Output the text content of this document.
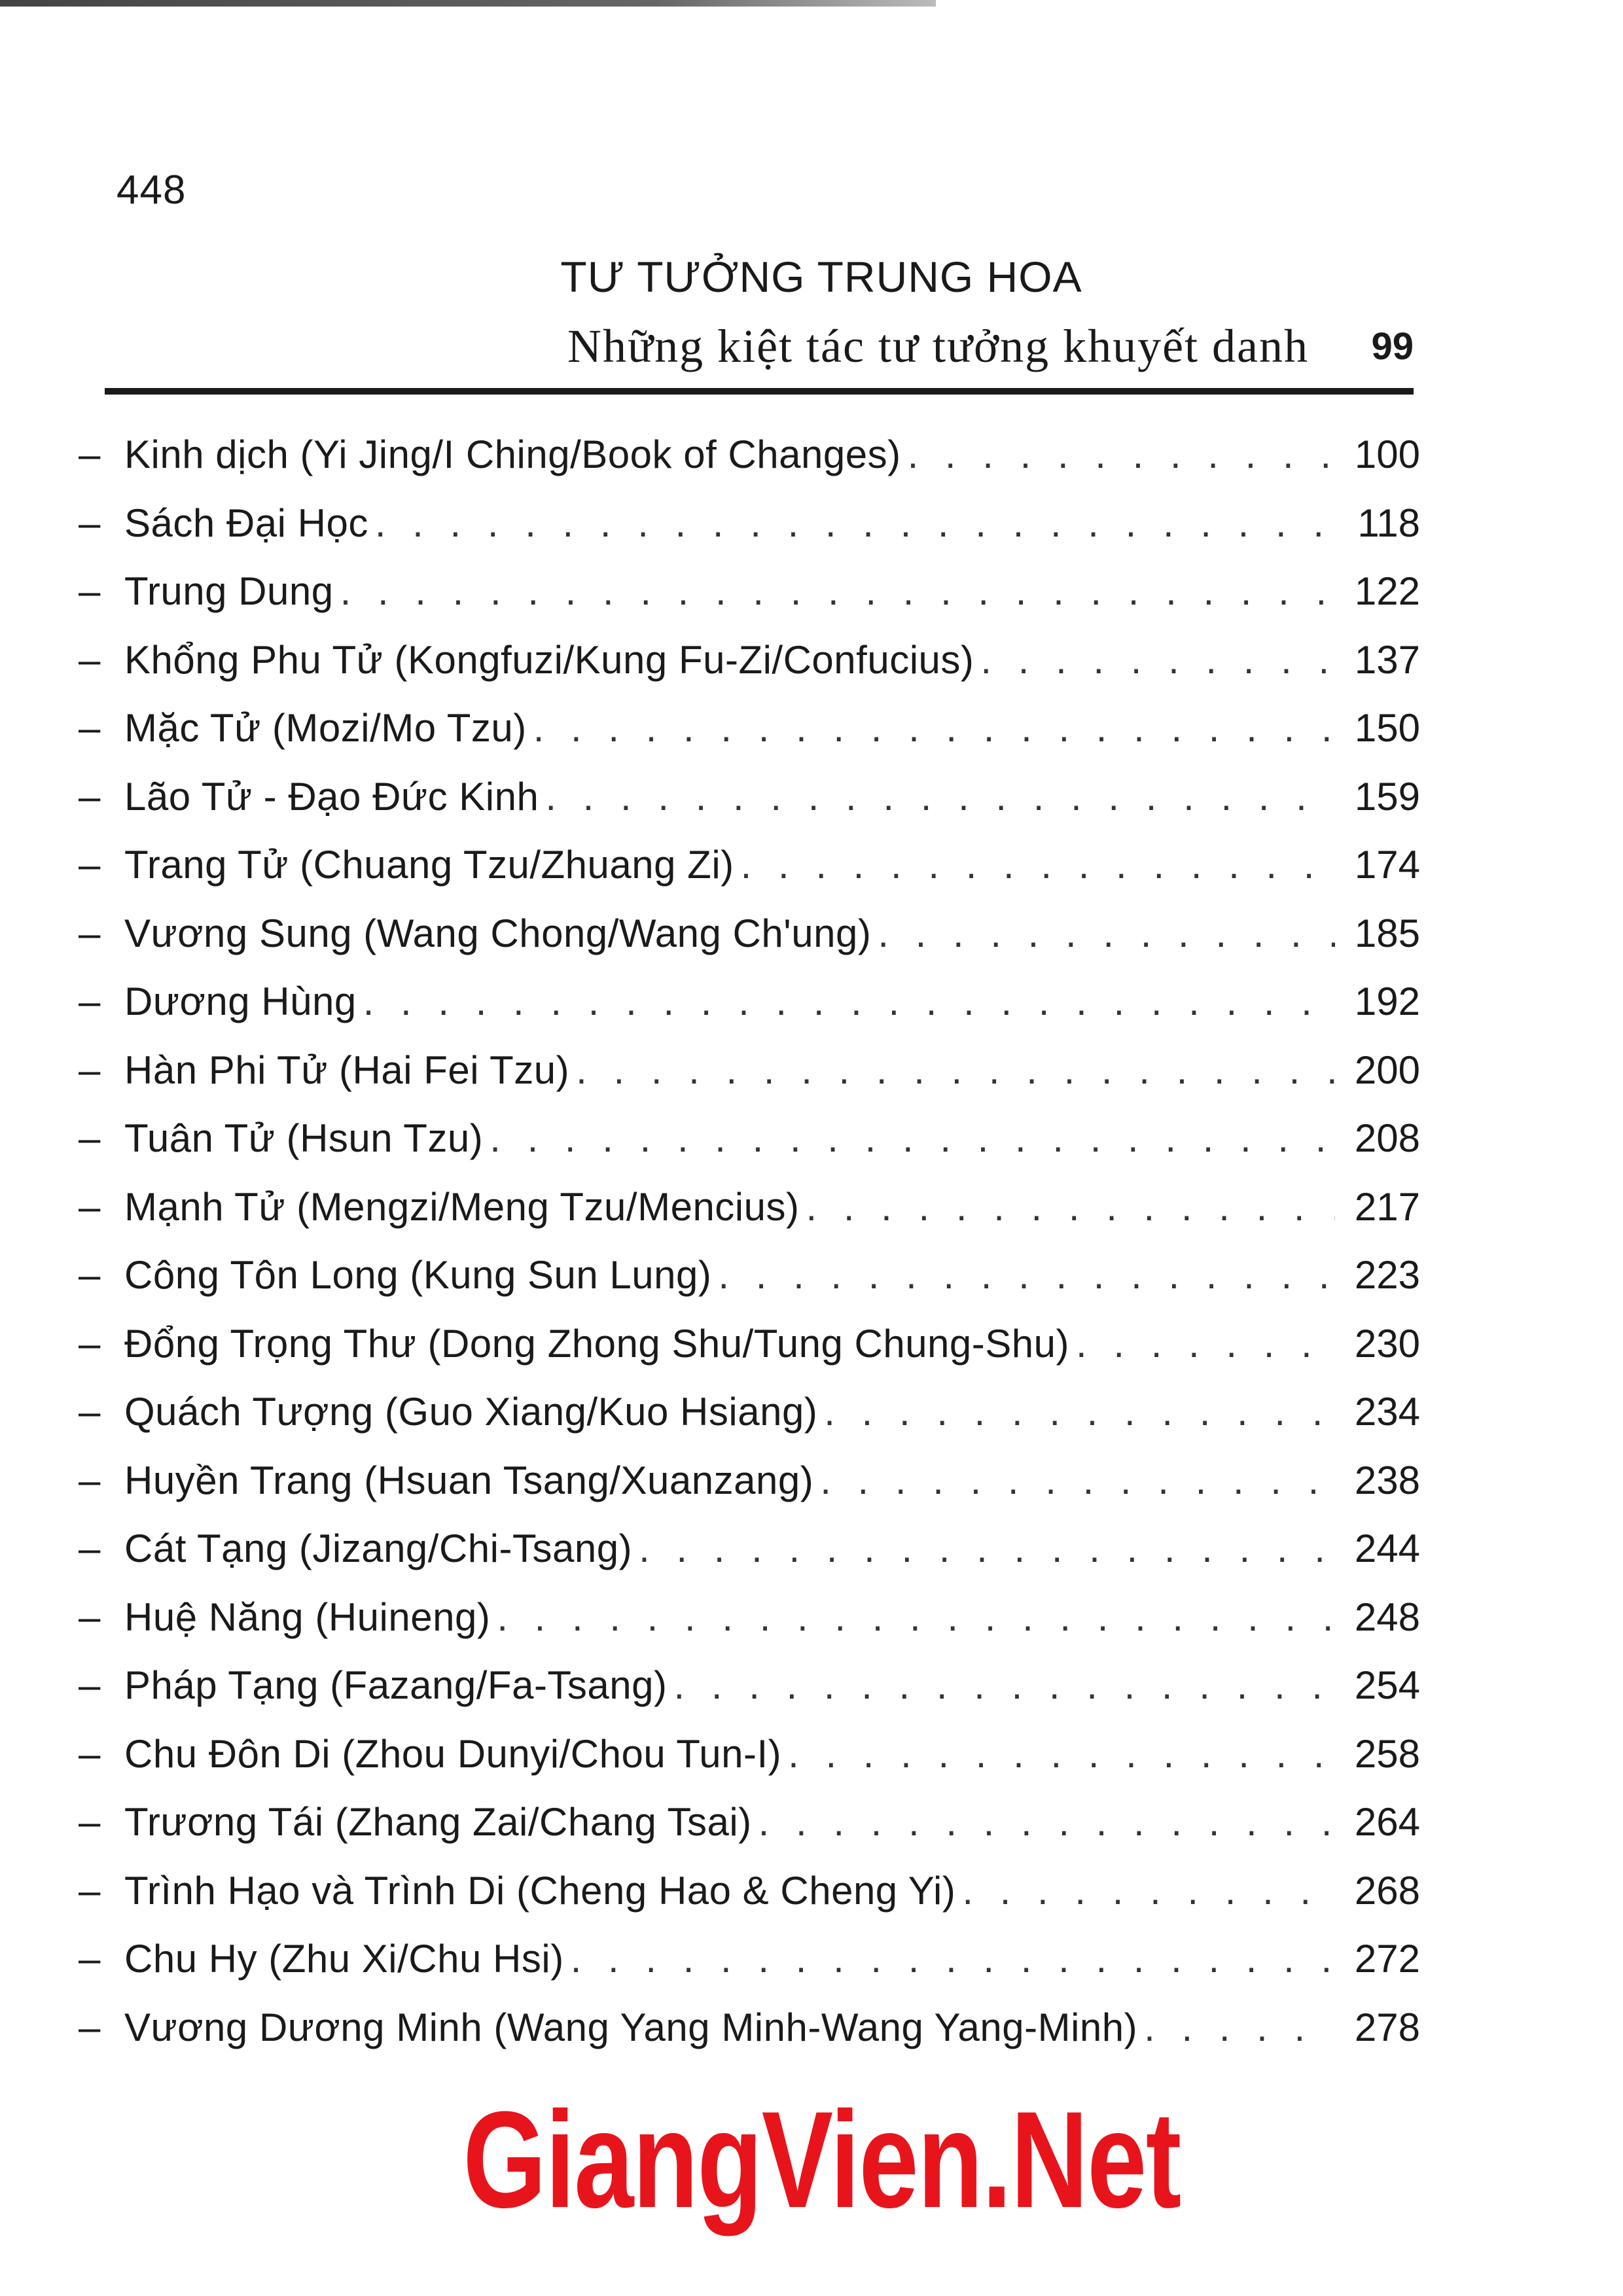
448
TƯ TƯỞNG TRUNG HOA
Những kiệt tác tư tưởng khuyết danh 99
– Kinh dịch (Yi Jing/I Ching/Book of Changes) . . .	100
– Sách Đại Học . . .	118
– Trung Dung . . .	122
– Khổng Phu Tử (Kongfuzi/Kung Fu-Zi/Confucius) . . .	137
– Mặc Tử (Mozi/Mo Tzu) . . .	150
– Lão Tử - Đạo Đức Kinh . . .	159
– Trang Tử (Chuang Tzu/Zhuang Zi) . . .	174
– Vương Sung (Wang Chong/Wang Ch'ung) . . .	185
– Dương Hùng . . .	192
– Hàn Phi Tử (Hai Fei Tzu) . . .	200
– Tuân Tử (Hsun Tzu) . . .	208
– Mạnh Tử (Mengzi/Meng Tzu/Mencius) . . .	217
– Công Tôn Long (Kung Sun Lung) . . .	223
– Đổng Trọng Thư (Dong Zhong Shu/Tung Chung-Shu) . . .	230
– Quách Tượng (Guo Xiang/Kuo Hsiang) . . .	234
– Huyền Trang (Hsuan Tsang/Xuanzang) . . .	238
– Cát Tạng (Jizang/Chi-Tsang) . . .	244
– Huệ Năng (Huineng) . . .	248
– Pháp Tạng (Fazang/Fa-Tsang) . . .	254
– Chu Đôn Di (Zhou Dunyi/Chou Tun-I) . . .	258
– Trương Tái (Zhang Zai/Chang Tsai) . . .	264
– Trình Hạo và Trình Di (Cheng Hao & Cheng Yi) . . .	268
– Chu Hy (Zhu Xi/Chu Hsi) . . .	272
– Vương Dương Minh (Wang Yang Minh-Wang Yang-Minh) . . .	278
GiangVien.Net
